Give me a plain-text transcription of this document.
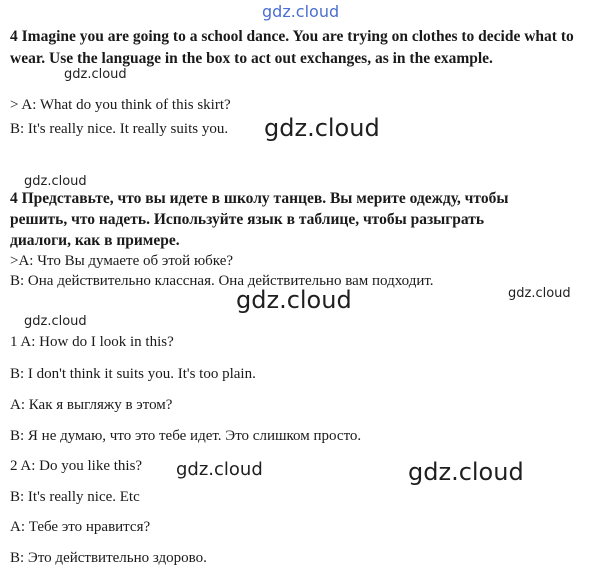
gdz.cloud
4 Imagine you are going to a school dance. You are trying on clothes to decide what to wear. Use the language in the box to act out exchanges, as in the example.
gdz.cloud
> A: What do you think of this skirt?
B: It's really nice. It really suits you. gdz.cloud
gdz.cloud
4 Представьте, что вы идете в школу танцев. Вы мерите одежду, чтобы
решить, что надеть. Используйте язык в таблице, чтобы разыграть
диалоги, как в примере.
>A: Что Вы думаете об этой юбке?
B: Она действительно классная. Она действительно вам подходит.
gdz.cloud
gdz.cloud
gdz.cloud
1 A: How do I look in this?
B: I don't think it suits you. It's too plain.
A: Как я выгляжу в этом?
B: Я не думаю, что это тебе идет. Это слишком просто.
2 A: Do you like this? gdz.cloud	gdz.cloud
B: It's really nice. Etc
A: Тебе это нравится?
B: Это действительно здорово.
